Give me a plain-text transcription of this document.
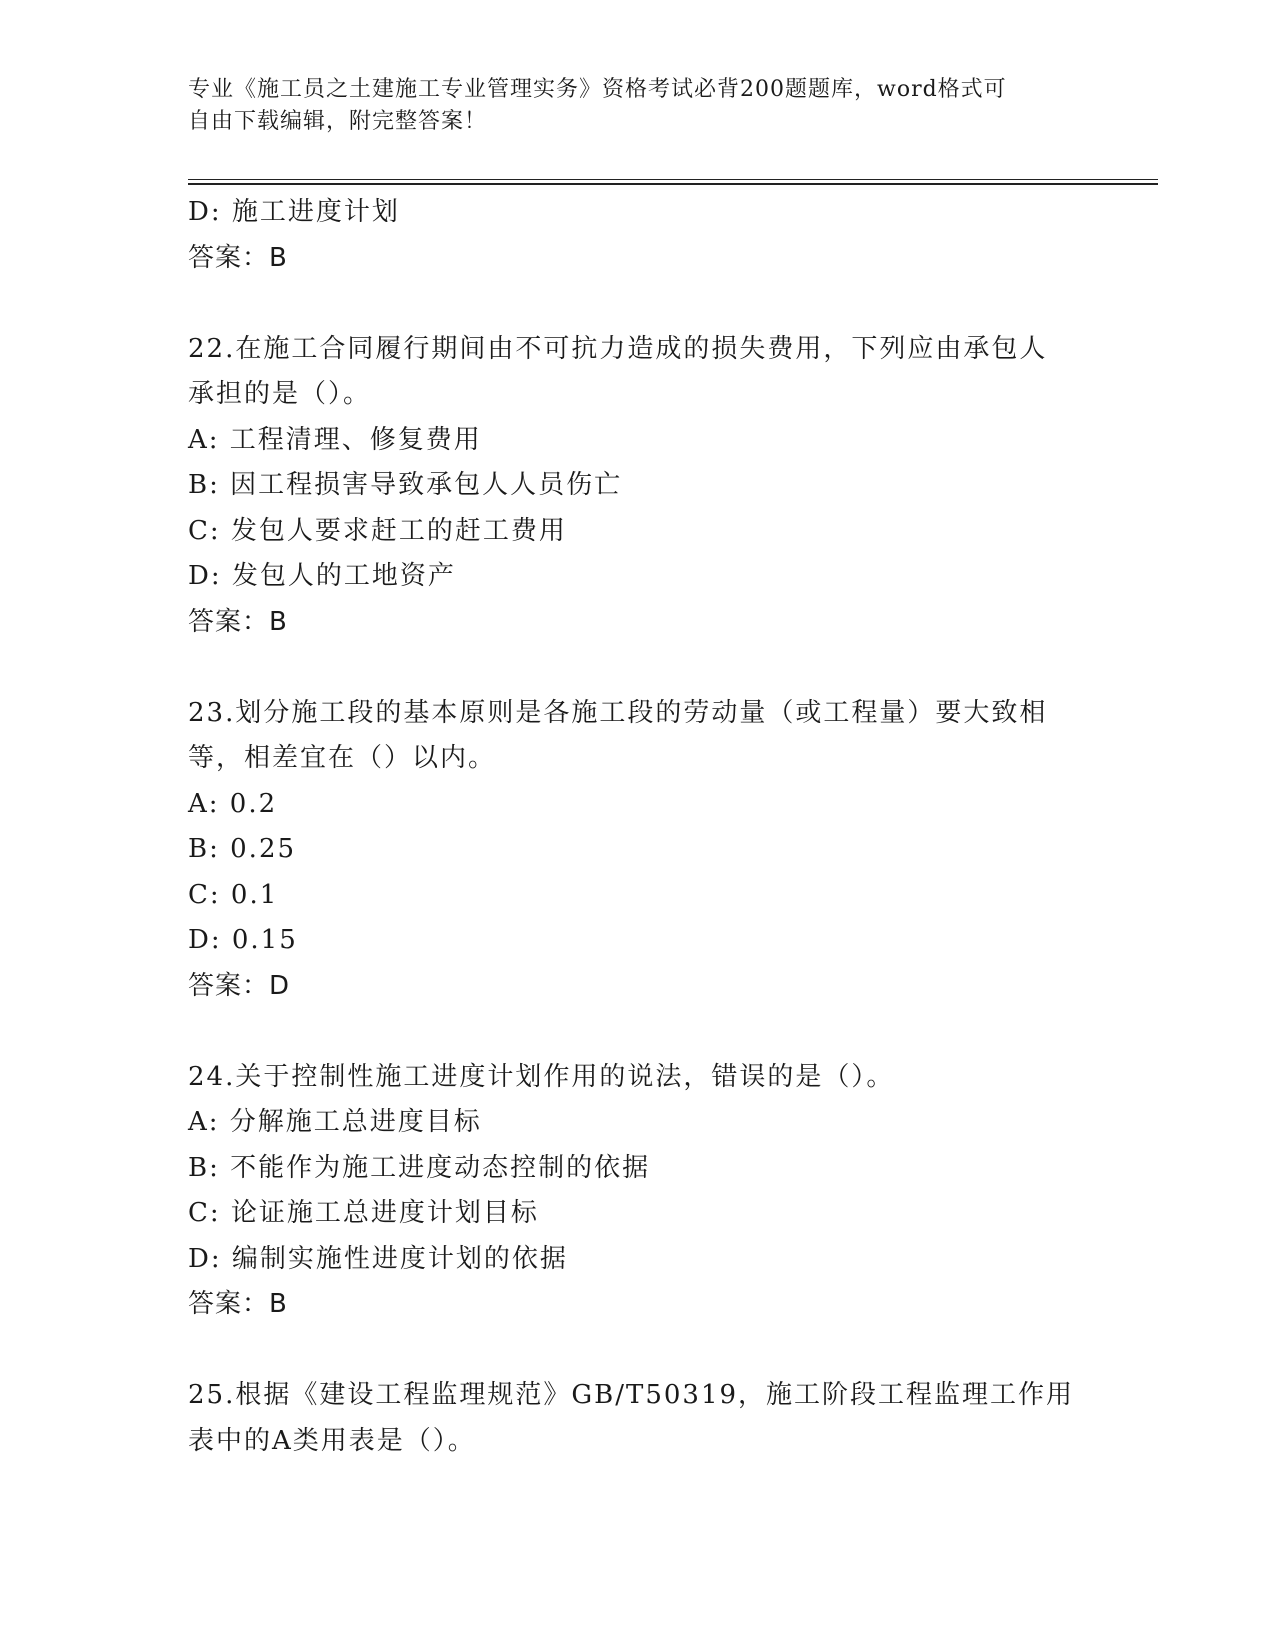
专业《施工员之土建施工专业管理实务》资格考试必背200题题库，word格式可
自由下载编辑，附完整答案！
D: 施工进度计划
答案：B
22.在施工合同履行期间由不可抗力造成的损失费用，下列应由承包人
承担的是（）。
A: 工程清理、修复费用
B: 因工程损害导致承包人人员伤亡
C: 发包人要求赶工的赶工费用
D: 发包人的工地资产
答案：B
23.划分施工段的基本原则是各施工段的劳动量（或工程量）要大致相
等，相差宜在（）以内。
A: 0.2
B: 0.25
C: 0.1
D: 0.15
答案：D
24.关于控制性施工进度计划作用的说法，错误的是（）。
A: 分解施工总进度目标
B: 不能作为施工进度动态控制的依据
C: 论证施工总进度计划目标
D: 编制实施性进度计划的依据
答案：B
25.根据《建设工程监理规范》GB/T50319，施工阶段工程监理工作用
表中的A类用表是（）。
